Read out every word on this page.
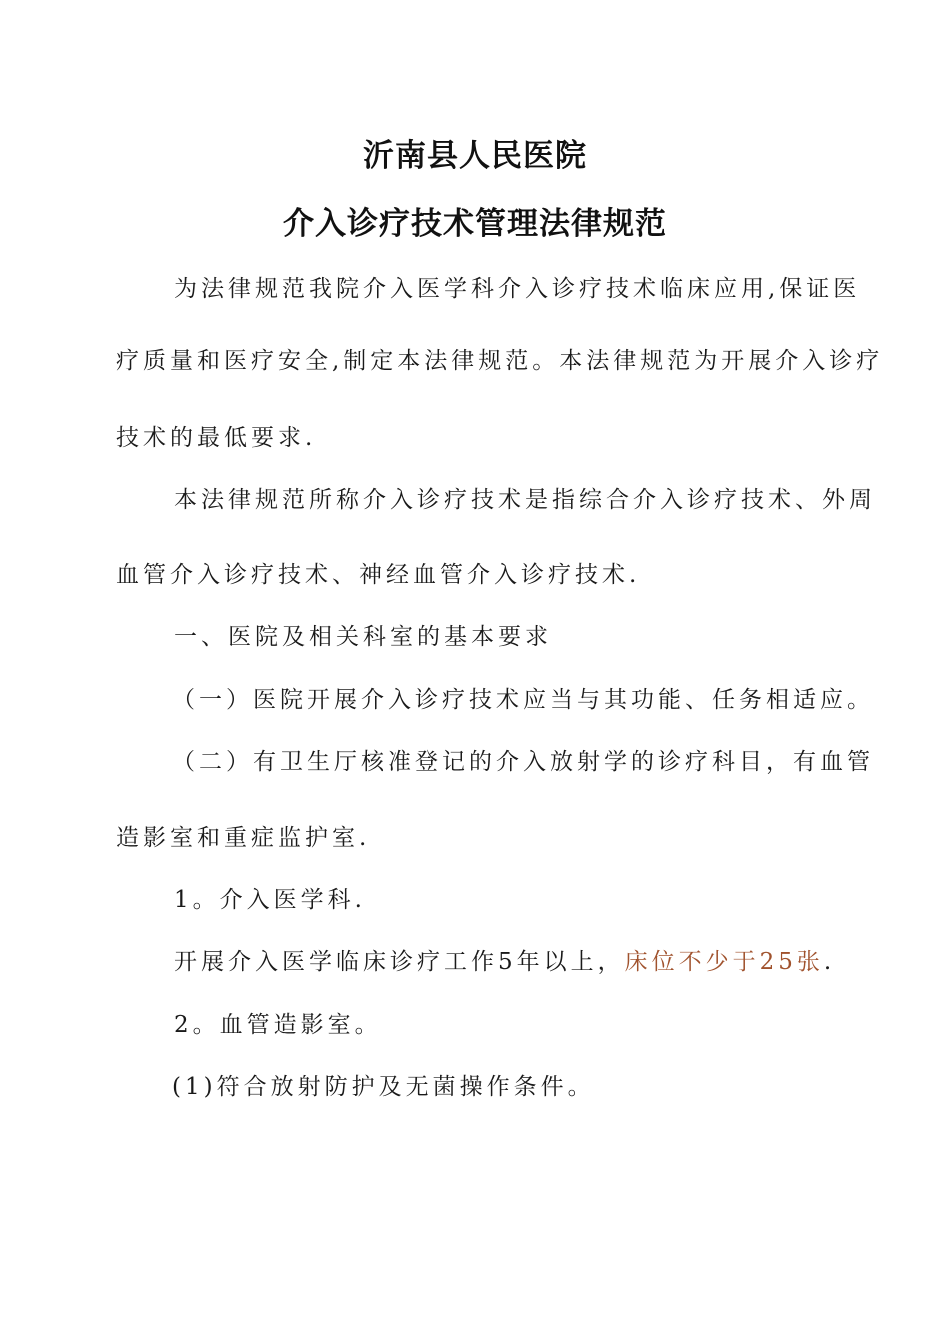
沂南县人民医院
介入诊疗技术管理法律规范

为法律规范我院介入医学科介入诊疗技术临床应用,保证医

疗质量和医疗安全,制定本法律规范。本法律规范为开展介入诊疗

技术的最低要求.

本法律规范所称介入诊疗技术是指综合介入诊疗技术、外周

血管介入诊疗技术、神经血管介入诊疗技术.

一、医院及相关科室的基本要求

（一）医院开展介入诊疗技术应当与其功能、任务相适应。

（二）有卫生厅核准登记的介入放射学的诊疗科目，有血管

造影室和重症监护室.

1。介入医学科.

开展介入医学临床诊疗工作5年以上，床位不少于25张.

2。血管造影室。

(1)符合放射防护及无菌操作条件。
